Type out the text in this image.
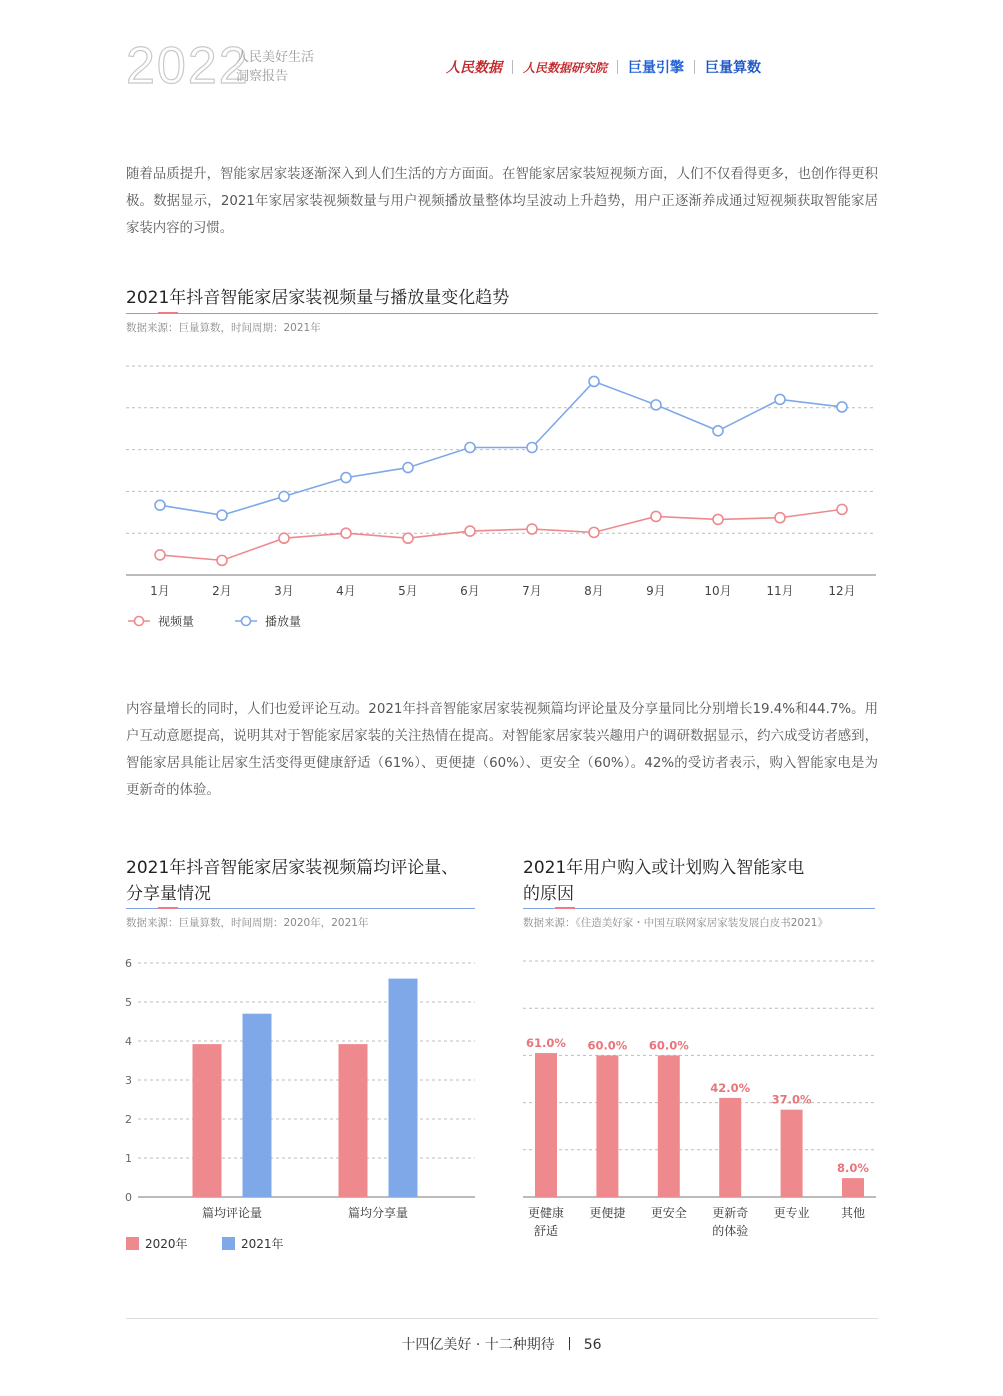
2022
人民美好生活
洞察报告
人民数据 人民数据研究院 巨量引擎 巨量算数
随着品质提升，智能家居家装逐渐深入到人们生活的方方面面。在智能家居家装短视频方面，人们不仅看得更多，也创作得更积极。数据显示，2021年家居家装视频数量与用户视频播放量整体均呈波动上升趋势，用户正逐渐养成通过短视频获取智能家居家装内容的习惯。
2021年抖音智能家居家装视频量与播放量变化趋势
数据来源：巨量算数，时间周期：2021年
1月	2月	3月	4月	5月	6月	7月	8月	9月	10月	11月	12月
视频量	播放量
内容量增长的同时，人们也爱评论互动。2021年抖音智能家居家装视频篇均评论量及分享量同比分别增长19.4%和44.7%。用户互动意愿提高，说明其对于智能家居家装的关注热情在提高。对智能家居家装兴趣用户的调研数据显示，约六成受访者感到，智能家居具能让居家生活变得更健康舒适（61%）、更便捷（60%）、更安全（60%）。42%的受访者表示，购入智能家电是为更新奇的体验。
2021年抖音智能家居家装视频篇均评论量、
分享量情况
数据来源：巨量算数，时间周期：2020年，2021年
2021年用户购入或计划购入智能家电
的原因
数据来源：《住造美好家・中国互联网家居家装发展白皮书2021》
0
1
2
3
4
5
6
篇均评论量	篇均分享量
2020年	2021年
61.0%
更健康
舒适
60.0%
更便捷
60.0%
更安全
42.0%
更新奇
的体验
37.0%
更专业
8.0%
其他
十四亿美好 · 十二种期待 56
